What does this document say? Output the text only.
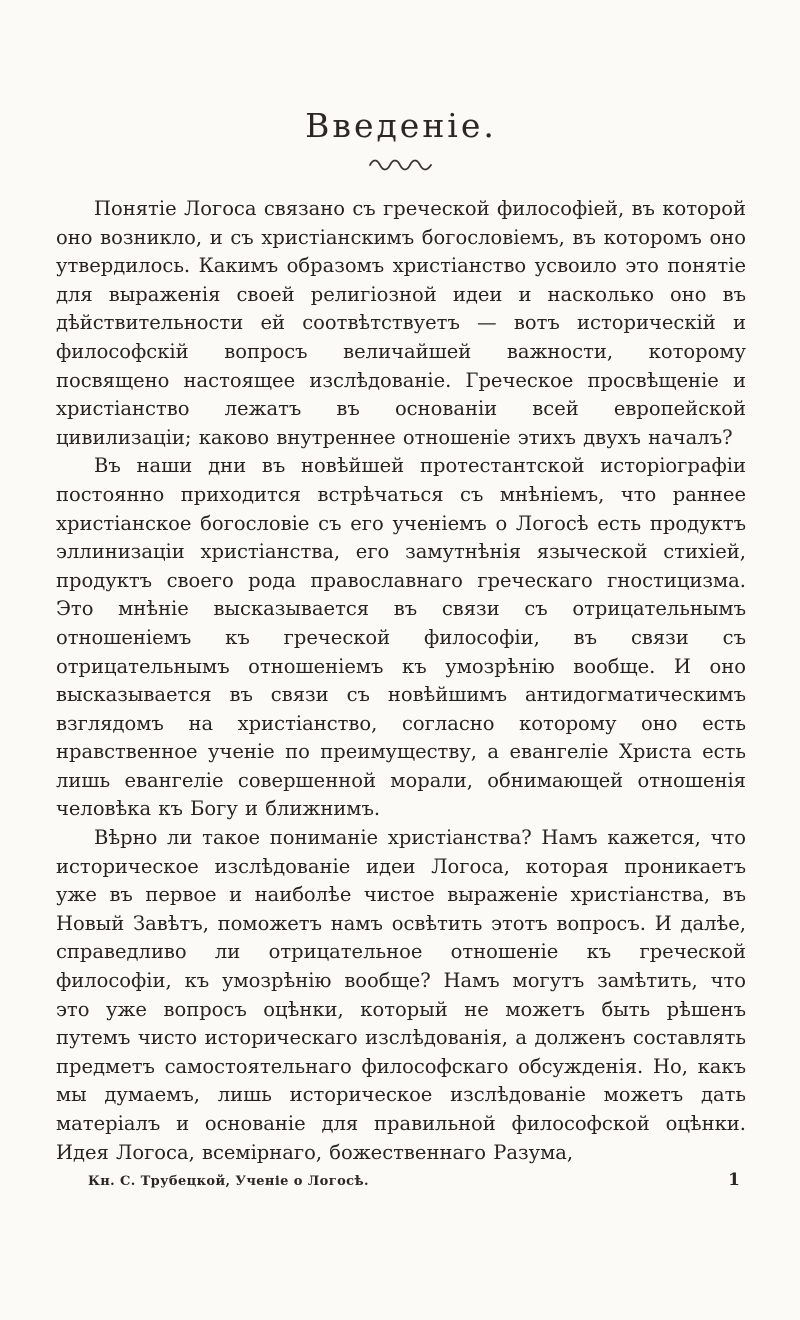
Введеніе.

Понятіе Логоса связано съ греческой философіей, въ которой оно возникло, и съ христіанскимъ богословіемъ, въ которомъ оно утвердилось. Какимъ образомъ христіанство усвоило это понятіе для выраженія своей религіозной идеи и насколько оно въ дѣйствительности ей соотвѣтствуетъ — вотъ историческій и философскій вопросъ величайшей важности, которому посвящено настоящее изслѣдованіе. Греческое просвѣщеніе и христіанство лежатъ въ основаніи всей европейской цивилизаціи; каково внутреннее отношеніе этихъ двухъ началъ?

Въ наши дни въ новѣйшей протестантской исторіографіи постоянно приходится встрѣчаться съ мнѣніемъ, что раннее христіанское богословіе съ его ученіемъ о Логосѣ есть продуктъ эллинизаціи христіанства, его замутнѣнія языческой стихіей, продуктъ своего рода православнаго греческаго гностицизма. Это мнѣніе высказывается въ связи съ отрицательнымъ отношеніемъ къ греческой философіи, въ связи съ отрицательнымъ отношеніемъ къ умозрѣнію вообще. И оно высказывается въ связи съ новѣйшимъ антидогматическимъ взглядомъ на христіанство, согласно которому оно есть нравственное ученіе по преимуществу, а евангеліе Христа есть лишь евангеліе совершенной морали, обнимающей отношенія человѣка къ Богу и ближнимъ.

Вѣрно ли такое пониманіе христіанства? Намъ кажется, что историческое изслѣдованіе идеи Логоса, которая проникаетъ уже въ первое и наиболѣе чистое выраженіе христіанства, въ Новый Завѣтъ, поможетъ намъ освѣтить этотъ вопросъ. И далѣе, справедливо ли отрицательное отношеніе къ греческой философіи, къ умозрѣнію вообще? Намъ могутъ замѣтить, что это уже вопросъ оцѣнки, который не можетъ быть рѣшенъ путемъ чисто историческаго изслѣдованія, а долженъ составлять предметъ самостоятельнаго философскаго обсужденія. Но, какъ мы думаемъ, лишь историческое изслѣдованіе можетъ дать матеріалъ и основаніе для правильной философской оцѣнки. Идея Логоса, всемірнаго, божественнаго Разума,

Кн. С. Трубецкой, Ученіе о Логосѣ.	1
